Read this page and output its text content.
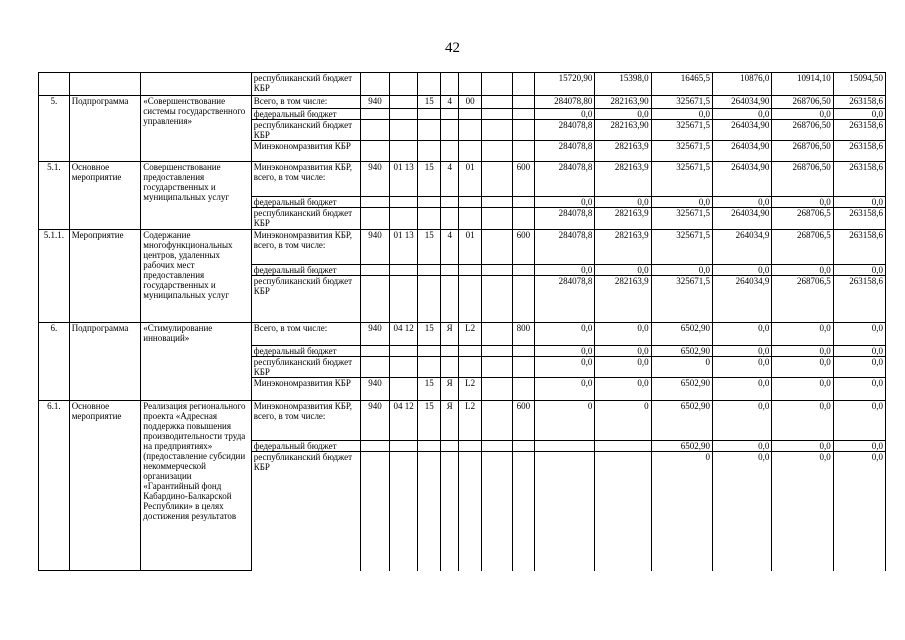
42
			республиканский бюджет КБР								15720,90	15398,0	16465,5	10876,0	10914,10	15094,50
5.	Подпрограмма	«Совершенствование системы государственного управления»	Всего, в том числе:	940		15	4	00			284078,80	282163,90	325671,5	264034,90	268706,50	263158,6
			федеральный бюджет								0,0	0,0	0,0	0,0	0,0	0,0
			республиканский бюджет КБР								284078,8	282163,90	325671,5	264034,90	268706,50	263158,6
			Минэкономразвития КБР								284078,8	282163,9	325671,5	264034,90	268706,50	263158,6
5.1.	Основное мероприятие	Совершенствование предоставления государственных и муниципальных услуг	Минэкономразвития КБР, всего, в том числе:	940	01 13	15	4	01		600	284078,8	282163,9	325671,5	264034,90	268706,50	263158,6
			федеральный бюджет								0,0	0,0	0,0	0,0	0,0	0,0
			республиканский бюджет КБР								284078,8	282163,9	325671,5	264034,90	268706,5	263158,6
5.1.1.	Мероприятие	Содержание многофункциональных центров, удаленных рабочих мест предоставления государственных и муниципальных услуг	Минэкономразвития КБР, всего, в том числе:	940	01 13	15	4	01		600	284078,8	282163,9	325671,5	264034,9	268706,5	263158,6
			федеральный бюджет								0,0	0,0	0,0	0,0	0,0	0,0
			республиканский бюджет КБР								284078,8	282163,9	325671,5	264034,9	268706,5	263158,6
6.	Подпрограмма	«Стимулирование инноваций»	Всего, в том числе:	940	04 12	15	Я	L2		800	0,0	0,0	6502,90	0,0	0,0	0,0
			федеральный бюджет								0,0	0,0	6502,90	0,0	0,0	0,0
			республиканский бюджет КБР								0,0	0,0	0	0,0	0,0	0,0
			Минэкономразвития КБР	940		15	Я	L2			0,0	0,0	6502,90	0,0	0,0	0,0
6.1.	Основное мероприятие	Реализация регионального проекта «Адресная поддержка повышения производительности труда на предприятиях» (предоставление субсидии некоммерческой организации «Гарантийный фонд Кабардино-Балкарской Республики» в целях достижения результатов	Минэкономразвития КБР, всего, в том числе:	940	04 12	15	Я	L2		600	0	0	6502,90	0,0	0,0	0,0
			федеральный бюджет										6502,90	0,0	0,0	0,0
			республиканский бюджет КБР										0	0,0	0,0	0,0
